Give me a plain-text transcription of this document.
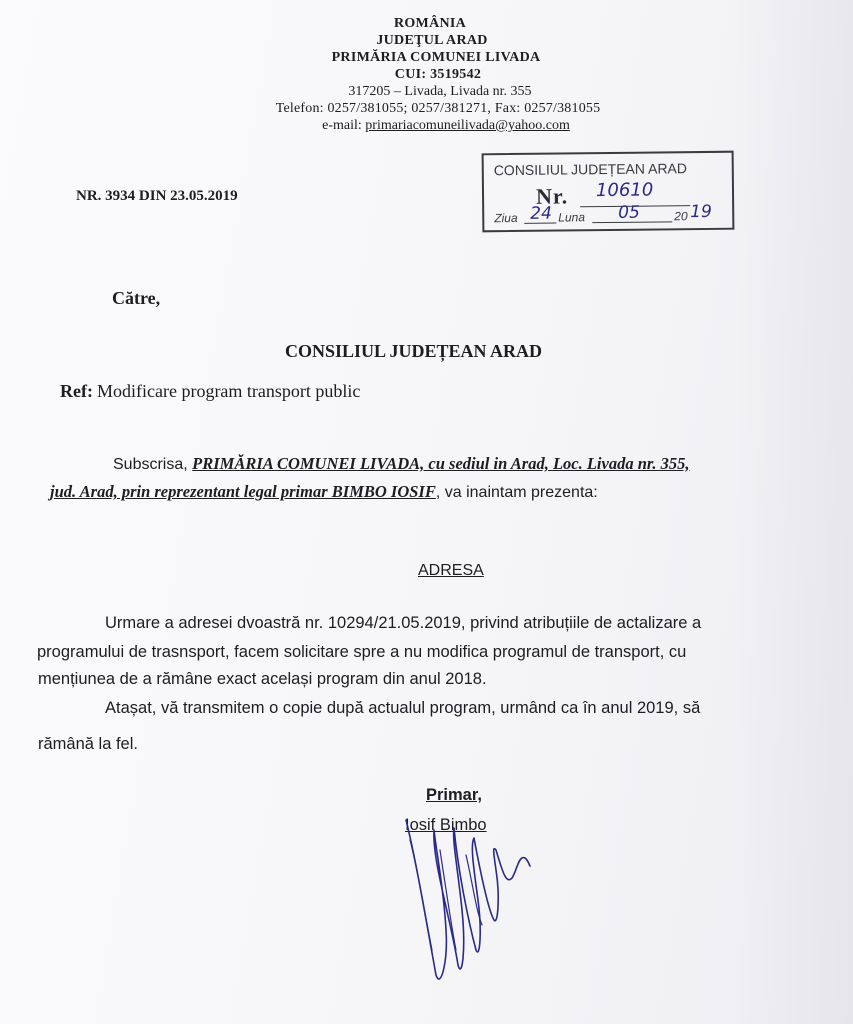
ROMÂNIA
JUDEŢUL ARAD
PRIMĂRIA COMUNEI LIVADA
CUI: 3519542
317205 – Livada, Livada nr. 355
Telefon: 0257/381055; 0257/381271, Fax: 0257/381055
e-mail: primariacomuneilivada@yahoo.com
NR. 3934 DIN 23.05.2019
CONSILIUL JUDEȚEAN ARAD
Nr. 10610
Ziua 24 Luna 05	20 19
Către,
CONSILIUL JUDEȚEAN ARAD
Ref: Modificare program transport public
Subscrisa, PRIMĂRIA COMUNEI LIVADA, cu sediul in Arad, Loc. Livada nr. 355,
jud. Arad, prin reprezentant legal primar BIMBO IOSIF, va inaintam prezenta:
ADRESA
Urmare a adresei dvoastră nr. 10294/21.05.2019, privind atribuțiile de actalizare a
programului de trasnsport, facem solicitare spre a nu modifica programul de transport, cu
mențiunea de a rămâne exact același program din anul 2018.
Atașat, vă transmitem o copie după actualul program, urmând ca în anul 2019, să
rămână la fel.
Primar,
Iosif Bimbo
